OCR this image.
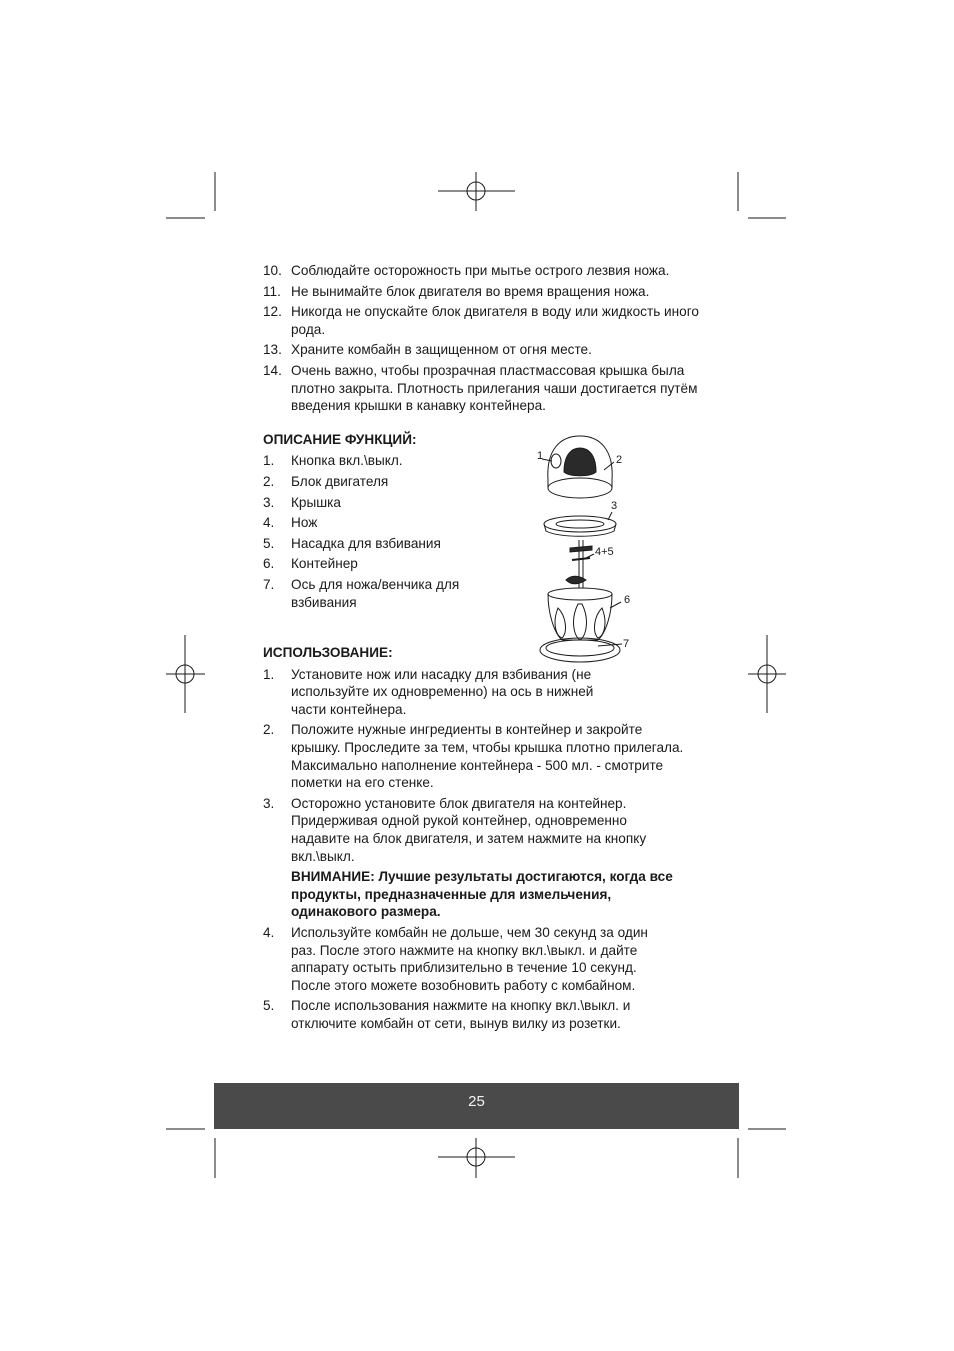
10. Соблюдайте осторожность при мытье острого лезвия ножа.
11. Не вынимайте блок двигателя во время вращения ножа.
12. Никогда не опускайте блок двигателя в воду или жидкость иного рода.
13. Храните комбайн в защищенном от огня месте.
14. Очень важно, чтобы прозрачная пластмассовая крышка была плотно закрыта. Плотность прилегания чаши достигается путём введения крышки в канавку контейнера.
ОПИСАНИЕ ФУНКЦИЙ:
1. Кнопка вкл.\выкл.
2. Блок двигателя
3. Крышка
4. Нож
5. Насадка для взбивания
6. Контейнер
7. Ось для ножа/венчика для взбивания
ИСПОЛЬЗОВАНИЕ:
1. Установите нож или насадку для взбивания (не используйте их одновременно) на ось в нижней части контейнера.
2. Положите нужные ингредиенты в контейнер и закройте крышку. Проследите за тем, чтобы крышка плотно прилегала. Максимально наполнение контейнера - 500 мл. - смотрите пометки на его стенке.
3. Осторожно установите блок двигателя на контейнер. Придерживая одной рукой контейнер, одновременно надавите на блок двигателя, и затем нажмите на кнопку вкл.\выкл.
ВНИМАНИЕ: Лучшие результаты достигаются, когда все продукты, предназначенные для измельчения, одинакового размера.
4. Используйте комбайн не дольше, чем 30 секунд за один раз. После этого нажмите на кнопку вкл.\выкл. и дайте аппарату остыть приблизительно в течение 10 секунд. После этого можете возобновить работу с комбайном.
5. После использования нажмите на кнопку вкл.\выкл. и отключите комбайн от сети, вынув вилку из розетки.
1	2
3
4+5
6
7
25
